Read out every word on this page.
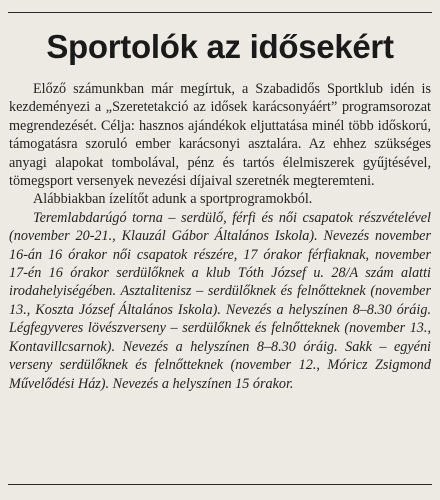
Sportolók az idősekért

Előző számunkban már megírtuk, a Szabadidős Sportklub idén is kezdeményezi a „Szeretetakció az idősek karácsonyáért” programsorozat megrendezését. Célja: hasznos ajándékok eljuttatása minél több időskorú, támogatásra szoruló ember karácsonyi asztalára. Az ehhez szükséges anyagi alapokat tombolával, pénz és tartós élelmiszerek gyűjtésével, tömegsport versenyek nevezési díjaival szeretnék megteremteni.

Alábbiakban ízelítőt adunk a sportprogramokból.

Teremlabdarúgó torna – serdülő, férfi és női csapatok részvételével (november 20-21., Klauzál Gábor Általános Iskola). Nevezés november 16-án 16 órakor női csapatok részére, 17 órakor férfiaknak, november 17-én 16 órakor serdülőknek a klub Tóth József u. 28/A szám alatti irodahelyiségében. Asztalitenisz – serdülőknek és felnőtteknek (november 13., Koszta József Általános Iskola). Nevezés a helyszínen 8–8.30 óráig. Légfegyveres lövészverseny – serdülőknek és felnőtteknek (november 13., Kontavillcsarnok). Nevezés a helyszínen 8–8.30 óráig. Sakk – egyéni verseny serdülőknek és felnőtteknek (november 12., Móricz Zsigmond Művelődési Ház). Nevezés a helyszínen 15 órakor.
